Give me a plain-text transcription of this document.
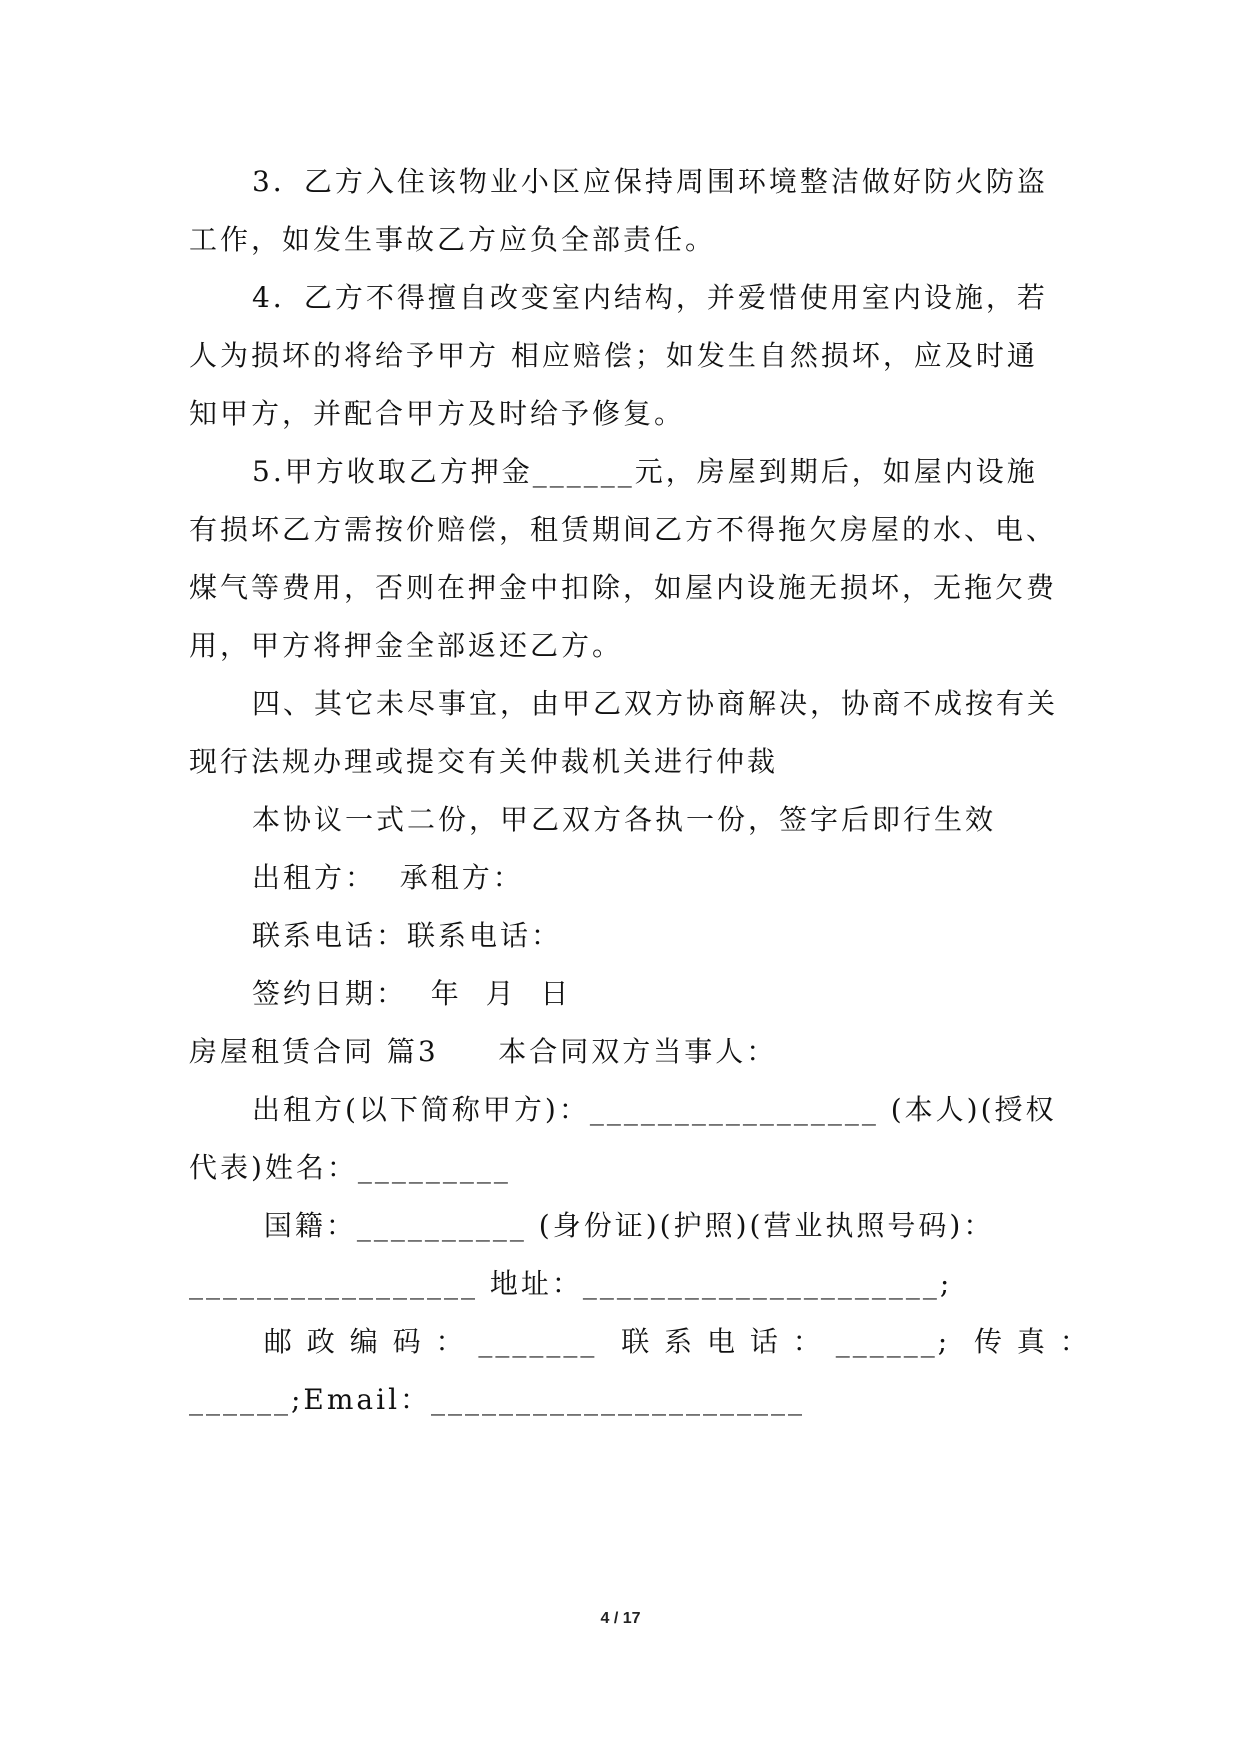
3．乙方入住该物业小区应保持周围环境整洁做好防火防盗
工作，如发生事故乙方应负全部责任。
4．乙方不得擅自改变室内结构，并爱惜使用室内设施，若
人为损坏的将给予甲方 相应赔偿；如发生自然损坏，应及时通
知甲方，并配合甲方及时给予修复。
5.甲方收取乙方押金______元，房屋到期后，如屋内设施
有损坏乙方需按价赔偿，租赁期间乙方不得拖欠房屋的水、电、
煤气等费用，否则在押金中扣除，如屋内设施无损坏，无拖欠费
用，甲方将押金全部返还乙方。
四、其它未尽事宜，由甲乙双方协商解决，协商不成按有关
现行法规办理或提交有关仲裁机关进行仲裁
本协议一式二份，甲乙双方各执一份，签字后即行生效
出租方：  承租方：
联系电话：联系电话：
签约日期：  年  月  日
房屋租赁合同 篇3     本合同双方当事人：
出租方(以下简称甲方)：_________________ (本人)(授权
代表)姓名：_________
国籍：__________ (身份证)(护照)(营业执照号码)：
_________________ 地址：_____________________;
邮 政 编 码 ： _______  联 系 电 话 ： ______;  传 真 ：
______;Email：______________________
4 / 17
